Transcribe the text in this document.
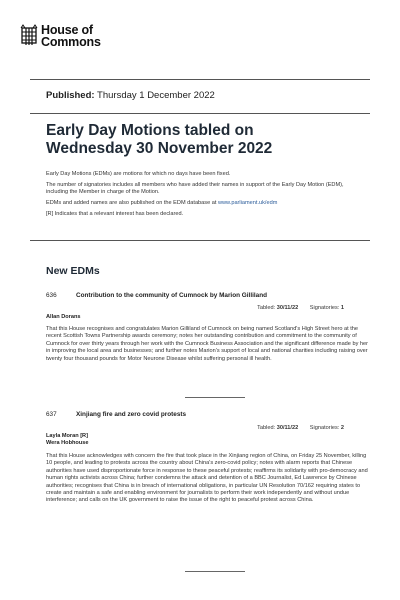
House of
Commons
Published: Thursday 1 December 2022
Early Day Motions tabled on
Wednesday 30 November 2022

Early Day Motions (EDMs) are motions for which no days have been fixed.

The number of signatories includes all members who have added their names in support of the Early Day Motion (EDM), including the Member in charge of the Motion.

EDMs and added names are also published on the EDM database at www.parliament.uk/edm

[R] Indicates that a relevant interest has been declared.

New EDMs
636	Contribution to the community of Cumnock by Marion Gilliland
Tabled: 30/11/22 Signatories: 1
Allan Dorans
That this House recognises and congratulates Marion Gilliland of Cumnock on being named Scotland's High Street hero at the recent Scottish Towns Partnership awards ceremony; notes her outstanding contribution and commitment to the community of Cumnock for over thirty years through her work with the Cumnock Business Association and the significant difference made by her in improving the local area and businesses; and further notes Marion's support of local and national charities including raising over twenty four thousand pounds for Motor Neurone Disease whilst suffering personal ill health.
637	Xinjiang fire and zero covid protests
Tabled: 30/11/22 Signatories: 2
Layla Moran [R]
Wera Hobhouse
That this House acknowledges with concern the fire that took place in the Xinjiang region of China, on Friday 25 November, killing 10 people, and leading to protests across the country about China's zero-covid policy; notes with alarm reports that Chinese authorities have used disproportionate force in response to these peaceful protests; reaffirms its solidarity with pro-democracy and human rights activists across China; further condemns the attack and detention of a BBC Journalist, Ed Lawrence by Chinese authorities; recognises that China is in breach of international obligations, in particular UN Resolution 70/162 requiring states to create and maintain a safe and enabling environment for journalists to perform their work independently and without undue interference; and calls on the UK government to raise the issue of the right to peaceful protest across China.
